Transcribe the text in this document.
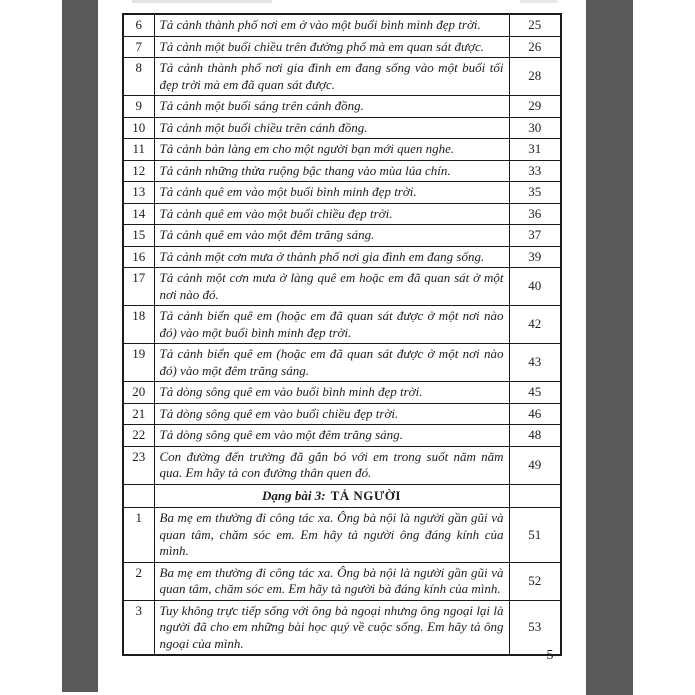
6	Tả cảnh thành phố nơi em ở vào một buổi bình minh đẹp trời.	25
7	Tả cảnh một buổi chiều trên đường phố mà em quan sát được.	26
8	Tả cảnh thành phố nơi gia đình em đang sống vào một buổi tối đẹp trời mà em đã quan sát được.	28
9	Tả cảnh một buổi sáng trên cánh đồng.	29
10	Tả cảnh một buổi chiều trên cánh đồng.	30
11	Tả cảnh bản làng em cho một người bạn mới quen nghe.	31
12	Tả cảnh những thửa ruộng bậc thang vào mùa lúa chín.	33
13	Tả cảnh quê em vào một buổi bình minh đẹp trời.	35
14	Tả cảnh quê em vào một buổi chiều đẹp trời.	36
15	Tả cảnh quê em vào một đêm trăng sáng.	37
16	Tả cảnh một cơn mưa ở thành phố nơi gia đình em đang sống.	39
17	Tả cảnh một cơn mưa ở làng quê em hoặc em đã quan sát ở một nơi nào đó.	40
18	Tả cảnh biển quê em (hoặc em đã quan sát được ở một nơi nào đó) vào một buổi bình minh đẹp trời.	42
19	Tả cảnh biển quê em (hoặc em đã quan sát được ở một nơi nào đó) vào một đêm trăng sáng.	43
20	Tả dòng sông quê em vào buổi bình minh đẹp trời.	45
21	Tả dòng sông quê em vào buổi chiều đẹp trời.	46
22	Tả dòng sông quê em vào một đêm trăng sáng.	48
23	Con đường đến trường đã gắn bó với em trong suốt năm năm qua. Em hãy tả con đường thân quen đó.	49
	Dạng bài 3: TẢ NGƯỜI	
1	Ba mẹ em thường đi công tác xa. Ông bà nội là người gần gũi và quan tâm, chăm sóc em. Em hãy tả người ông đáng kính của mình.	51
2	Ba mẹ em thường đi công tác xa. Ông bà nội là người gần gũi và quan tâm, chăm sóc em. Em hãy tả người bà đáng kính của mình.	52
3	Tuy không trực tiếp sống với ông bà ngoại nhưng ông ngoại lại là người đã cho em những bài học quý về cuộc sống. Em hãy tả ông ngoại của mình.	53
5
